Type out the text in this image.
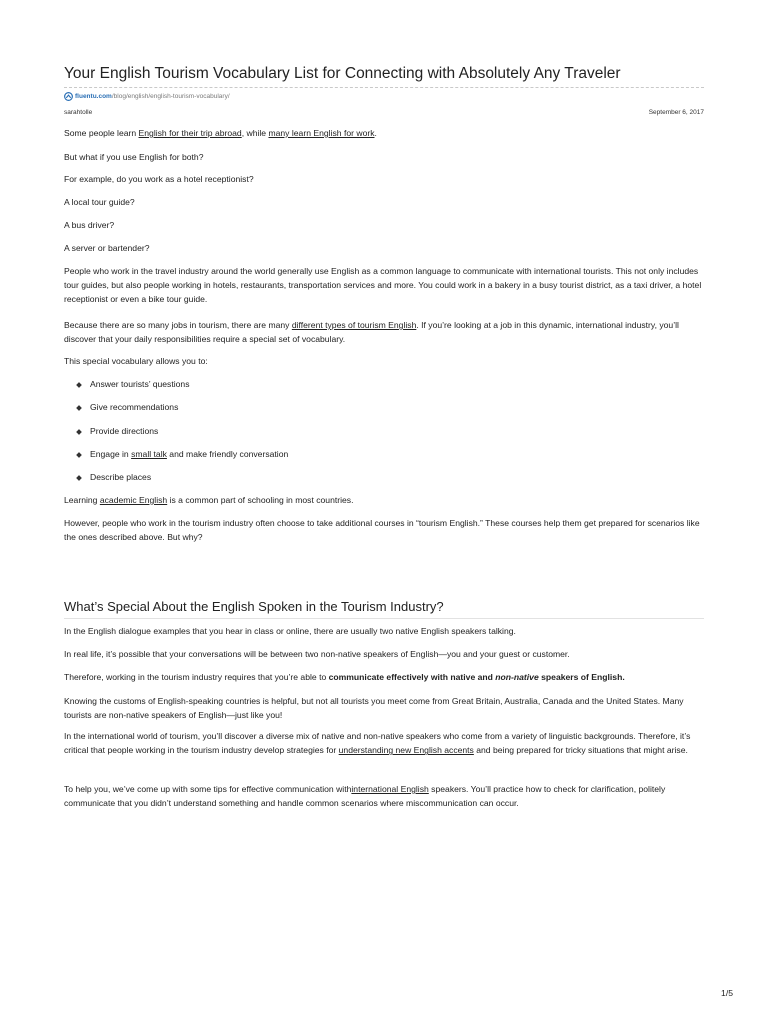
Your English Tourism Vocabulary List for Connecting with Absolutely Any Traveler
fluentu.com/blog/english/english-tourism-vocabulary/
sarahtolle	September 6, 2017

Some people learn English for their trip abroad, while many learn English for work.

But what if you use English for both?

For example, do you work as a hotel receptionist?

A local tour guide?

A bus driver?

A server or bartender?

People who work in the travel industry around the world generally use English as a common language to communicate with international tourists. This not only includes tour guides, but also people working in hotels, restaurants, transportation services and more. You could work in a bakery in a busy tourist district, as a taxi driver, a hotel receptionist or even a bike tour guide.

Because there are so many jobs in tourism, there are many different types of tourism English. If you’re looking at a job in this dynamic, international industry, you’ll discover that your daily responsibilities require a special set of vocabulary.

This special vocabulary allows you to:

Answer tourists’ questions
Give recommendations
Provide directions
Engage in small talk and make friendly conversation
Describe places

Learning academic English is a common part of schooling in most countries.

However, people who work in the tourism industry often choose to take additional courses in “tourism English.” These courses help them get prepared for scenarios like the ones described above. But why?

What’s Special About the English Spoken in the Tourism Industry?

In the English dialogue examples that you hear in class or online, there are usually two native English speakers talking.

In real life, it’s possible that your conversations will be between two non-native speakers of English—you and your guest or customer.

Therefore, working in the tourism industry requires that you’re able to communicate effectively with native and non-native speakers of English.

Knowing the customs of English-speaking countries is helpful, but not all tourists you meet come from Great Britain, Australia, Canada and the United States. Many tourists are non-native speakers of English—just like you!

In the international world of tourism, you’ll discover a diverse mix of native and non-native speakers who come from a variety of linguistic backgrounds. Therefore, it’s critical that people working in the tourism industry develop strategies for understanding new English accents and being prepared for tricky situations that might arise.

To help you, we’ve come up with some tips for effective communication withinternational English speakers. You’ll practice how to check for clarification, politely communicate that you didn’t understand something and handle common scenarios where miscommunication can occur.

1/5
